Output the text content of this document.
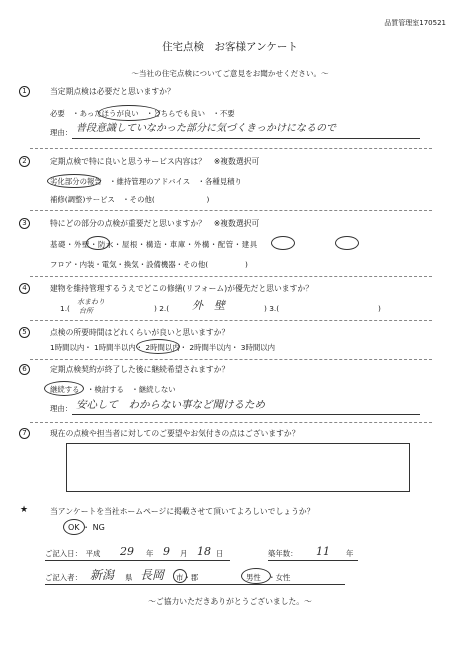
品質管理室170521
住宅点検　お客様アンケート
～当社の住宅点検についてご意見をお聞かせください。～
1	当定期点検は必要だと思いますか？
必要　・あったほうが良い　・どちらでも良い　・不要
理由： 普段意識していなかった部分に気づくきっかけになるので
2	定期点検で特に良いと思うサービス内容は？　※複数選択可
劣化部分の報告　・維持管理のアドバイス　・各種見積り
補修(調整)サービス　・その他(　　　　　　　)
3	特にどの部分の点検が重要だと思いますか？　※複数選択可
基礎・外壁・防水・屋根・構造・車庫・外構・配管・建具
フロア・内装・電気・換気・設備機器・その他(　　　　　)
4	建物を維持管理するうえでどこの修繕(リフォーム)が優先だと思いますか？
1.(
水まわり
台所	) 2.( 外　壁	) 3.(	)
5	点検の所要時間はどれくらいが良いと思いますか？
1時間以内・ 1時間半以内・ 2時間以内・ 2時間半以内・ 3時間以内
6	定期点検契約が終了した後に継続希望されますか？
継続する　・検討する　・継続しない
理由： 安心して　わからない事など聞けるため
7	現在の点検や担当者に対してのご要望やお気付きの点はございますか？
★	当アンケートを当社ホームページに掲載させて頂いてよろしいでしょうか？
OK ・ NG
ご記入日：　平成 29 年 9 月 18 日	築年数： 11 年
ご記入者： 新潟 県 長岡 市・郡	男性　・女性
～ご協力いただきありがとうございました。～
